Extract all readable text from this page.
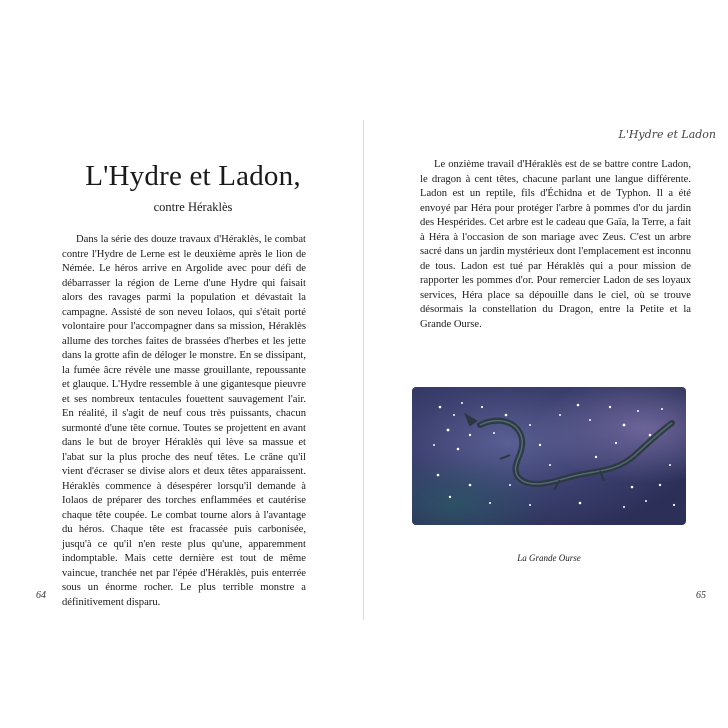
L'Hydre et Ladon
L'Hydre et Ladon,
contre Héraklès

Dans la série des douze travaux d'Héraklès, le combat contre l'Hydre de Lerne est le deuxième après le lion de Némée. Le héros arrive en Argolide avec pour défi de débarrasser la région de Lerne d'une Hydre qui faisait alors des ravages parmi la population et dévastait la campagne. Assisté de son neveu Iolaos, qui s'était porté volontaire pour l'accompagner dans sa mission, Héraklès allume des torches faites de brassées d'herbes et les jette dans la grotte afin de déloger le monstre. En se dissipant, la fumée âcre révèle une masse grouillante, repoussante et glauque. L'Hydre ressemble à une gigantesque pieuvre et ses nombreux tentacules fouettent sauvagement l'air. En réalité, il s'agit de neuf cous très puissants, chacun surmonté d'une tête cornue. Toutes se projettent en avant dans le but de broyer Héraklès qui lève sa massue et l'abat sur la plus proche des neuf têtes. Le crâne qu'il vient d'écraser se divise alors et deux têtes apparaissent. Héraklès commence à désespérer lorsqu'il demande à Iolaos de préparer des torches enflammées et cautérise chaque tête coupée. Le combat tourne alors à l'avantage du héros. Chaque tête est fracassée puis carbonisée, jusqu'à ce qu'il n'en reste plus qu'une, apparemment indomptable. Mais cette dernière est tout de même vaincue, tranchée net par l'épée d'Héraklès, puis enterrée sous un énorme rocher. Le plus terrible monstre a définitivement disparu.

Le onzième travail d'Héraklès est de se battre contre Ladon, le dragon à cent têtes, chacune parlant une langue différente. Ladon est un reptile, fils d'Échidna et de Typhon. Il a été envoyé par Héra pour protéger l'arbre à pommes d'or du jardin des Hespérides. Cet arbre est le cadeau que Gaïa, la Terre, a fait à Héra à l'occasion de son mariage avec Zeus. C'est un arbre sacré dans un jardin mystérieux dont l'emplacement est inconnu de tous. Ladon est tué par Héraklès qui a pour mission de rapporter les pommes d'or. Pour remercier Ladon de ses loyaux services, Héra place sa dépouille dans le ciel, où se trouve désormais la constellation du Dragon, entre la Petite et la Grande Ourse.

La Grande Ourse
64	65
